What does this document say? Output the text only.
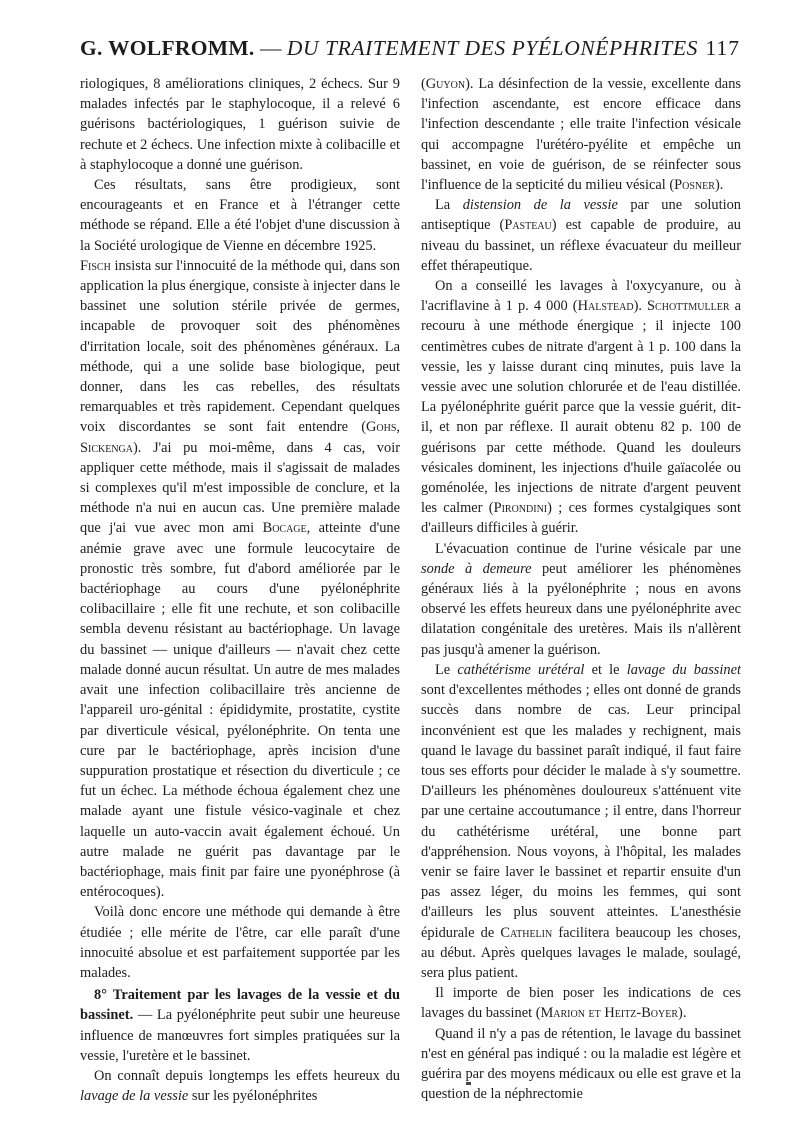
G. WOLFROMM. — DU TRAITEMENT DES PYÉLONÉPHRITES 117

riologiques, 8 améliorations cliniques, 2 échecs. Sur 9 malades infectés par le staphylocoque, il a relevé 6 guérisons bactériologiques, 1 guérison suivie de rechute et 2 échecs. Une infection mixte à colibacille et à staphylocoque a donné une guérison.

Ces résultats, sans être prodigieux, sont encourageants et en France et à l'étranger cette méthode se répand. Elle a été l'objet d'une discussion à la Société urologique de Vienne en décembre 1925.

Fisch insista sur l'innocuité de la méthode qui, dans son application la plus énergique, consiste à injecter dans le bassinet une solution stérile privée de germes, incapable de provoquer soit des phénomènes d'irritation locale, soit des phénomènes généraux. La méthode, qui a une solide base biologique, peut donner, dans les cas rebelles, des résultats remarquables et très rapidement. Cependant quelques voix discordantes se sont fait entendre (Gohs, Sickenga). J'ai pu moi-même, dans 4 cas, voir appliquer cette méthode, mais il s'agissait de malades si complexes qu'il m'est impossible de conclure, et la méthode n'a nui en aucun cas. Une première malade que j'ai vue avec mon ami Bocage, atteinte d'une anémie grave avec une formule leucocytaire de pronostic très sombre, fut d'abord améliorée par le bactériophage au cours d'une pyélonéphrite colibacillaire ; elle fit une rechute, et son colibacille sembla devenu résistant au bactériophage. Un lavage du bassinet — unique d'ailleurs — n'avait chez cette malade donné aucun résultat. Un autre de mes malades avait une infection colibacillaire très ancienne de l'appareil uro-génital : épididymite, prostatite, cystite par diverticule vésical, pyélonéphrite. On tenta une cure par le bactériophage, après incision d'une suppuration prostatique et résection du diverticule ; ce fut un échec. La méthode échoua également chez une malade ayant une fistule vésico-vaginale et chez laquelle un auto-vaccin avait également échoué. Un autre malade ne guérit pas davantage par le bactériophage, mais finit par faire une pyonéphrose (à entérocoques).

Voilà donc encore une méthode qui demande à être étudiée ; elle mérite de l'être, car elle paraît d'une innocuité absolue et est parfaitement supportée par les malades.

8° Traitement par les lavages de la vessie et du bassinet. — La pyélonéphrite peut subir une heureuse influence de manœuvres fort simples pratiquées sur la vessie, l'uretère et le bassinet.

On connaît depuis longtemps les effets heureux du lavage de la vessie sur les pyélonéphrites

(Guyon). La désinfection de la vessie, excellente dans l'infection ascendante, est encore efficace dans l'infection descendante ; elle traite l'infection vésicale qui accompagne l'urétéro-pyélite et empêche un bassinet, en voie de guérison, de se réinfecter sous l'influence de la septicité du milieu vésical (Posner).

La distension de la vessie par une solution antiseptique (Pasteau) est capable de produire, au niveau du bassinet, un réflexe évacuateur du meilleur effet thérapeutique.

On a conseillé les lavages à l'oxycyanure, ou à l'acriflavine à 1 p. 4 000 (Halstead). Schottmuller a recouru à une méthode énergique ; il injecte 100 centimètres cubes de nitrate d'argent à 1 p. 100 dans la vessie, les y laisse durant cinq minutes, puis lave la vessie avec une solution chlorurée et de l'eau distillée. La pyélonéphrite guérit parce que la vessie guérit, dit-il, et non par réflexe. Il aurait obtenu 82 p. 100 de guérisons par cette méthode. Quand les douleurs vésicales dominent, les injections d'huile gaïacolée ou goménolée, les injections de nitrate d'argent peuvent les calmer (Pirondini) ; ces formes cystalgiques sont d'ailleurs difficiles à guérir.

L'évacuation continue de l'urine vésicale par une sonde à demeure peut améliorer les phénomènes généraux liés à la pyélonéphrite ; nous en avons observé les effets heureux dans une pyélonéphrite avec dilatation congénitale des uretères. Mais ils n'allèrent pas jusqu'à amener la guérison.

Le cathétérisme urétéral et le lavage du bassinet sont d'excellentes méthodes ; elles ont donné de grands succès dans nombre de cas. Leur principal inconvénient est que les malades y rechignent, mais quand le lavage du bassinet paraît indiqué, il faut faire tous ses efforts pour décider le malade à s'y soumettre. D'ailleurs les phénomènes douloureux s'atténuent vite par une certaine accoutumance ; il entre, dans l'horreur du cathétérisme urétéral, une bonne part d'appréhension. Nous voyons, à l'hôpital, les malades venir se faire laver le bassinet et repartir ensuite d'un pas assez léger, du moins les femmes, qui sont d'ailleurs les plus souvent atteintes. L'anesthésie épidurale de Cathelin facilitera beaucoup les choses, au début. Après quelques lavages le malade, soulagé, sera plus patient.

Il importe de bien poser les indications de ces lavages du bassinet (Marion et Heitz-Boyer).

Quand il n'y a pas de rétention, le lavage du bassinet n'est en général pas indiqué : ou la maladie est légère et guérira par des moyens médicaux ou elle est grave et la question de la néphrectomie
